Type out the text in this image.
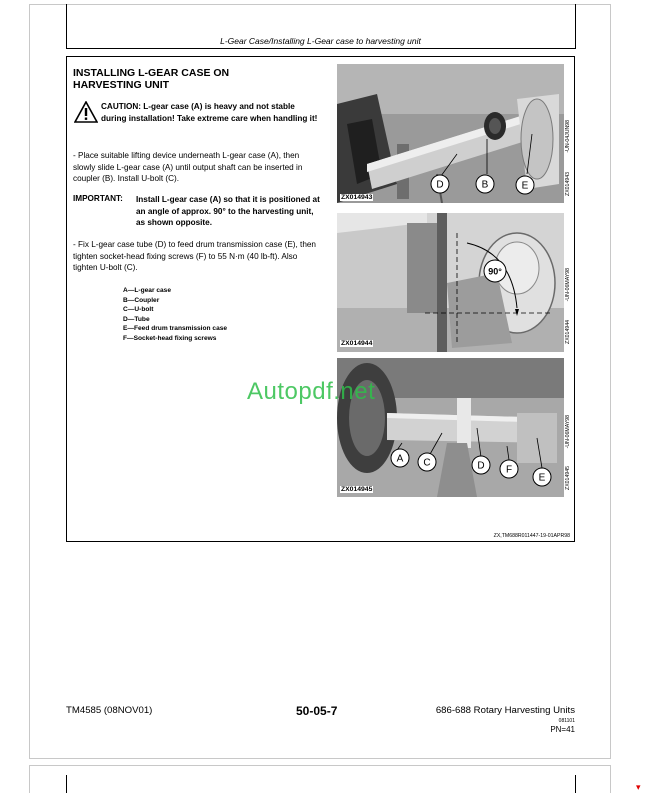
L-Gear Case/Installing L-Gear case to harvesting unit
INSTALLING L-GEAR CASE ON
HARVESTING UNIT
CAUTION: L-gear case (A) is heavy and not stable during installation! Take extreme care when handling it!
- Place suitable lifting device underneath L-gear case (A), then slowly slide L-gear case (A) until output shaft can be inserted in coupler (B). Install U-bolt (C).
IMPORTANT: Install L-gear case (A) so that it is positioned at an angle of approx. 90° to the harvesting unit, as shown opposite.
- Fix L-gear case tube (D) to feed drum transmission case (E), then tighten socket-head fixing screws (F) to 55 N·m (40 lb-ft). Also tighten U-bolt (C).
A—L-gear case
B—Coupler
C—U-bolt
D—Tube
E—Feed drum transmission case
F—Socket-head fixing screws
D	B	E
ZX014943
-UN-04JUN98
ZX014943
90°
ZX014944
-UN-06MAY98
ZX014944
A C	D F
E
ZX014945
-UN-06MAY98
ZX014945
Autopdf.net
ZX,TM688R011447-19-01APR98
TM4585 (08NOV01)	50-05-7	686-688 Rotary Harvesting Units
081101
PN=41
▾
